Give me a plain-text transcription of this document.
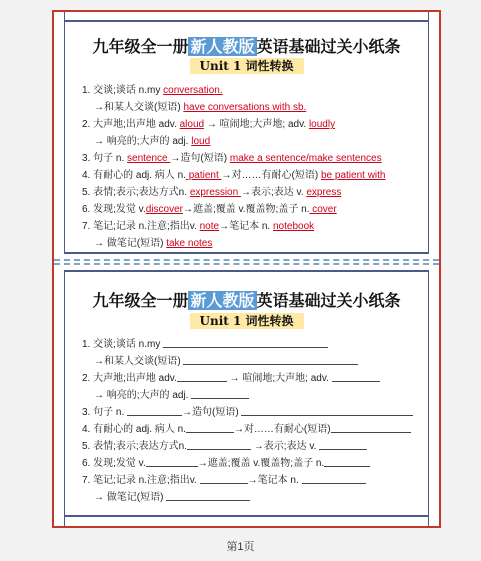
九年级全一册 新人教版 英语基础过关小纸条
Unit 1 词性转换
1. 交谈;谈话 n.my conversation.
→和某人交谈(短语) have conversations with sb.
2. 大声地;出声地 adv. aloud → 喧闹地;大声地; adv. loudly
→ 响亮的;大声的 adj. loud
3. 句子 n. sentence →造句(短语) make a sentence/make sentences
4. 有耐心的 adj. 病人 n. patient →对……有耐心(短语) be patient with
5. 表情;表示;表达方式n. expression →表示;表达 v. express
6. 发现;发觉 v.discover→遮盖;覆盖 v.覆盖物;盖子 n. cover
7. 笔记;记录 n.注意;指出v. note→笔记本 n. notebook
→ 做笔记(短语) take notes
九年级全一册 新人教版 英语基础过关小纸条
Unit 1 词性转换
1. 交谈;谈话 n.my
→和某人交谈(短语)
2. 大声地;出声地 adv.	→ 喧闹地;大声地; adv.
→ 响亮的;大声的 adj.
3. 句子 n.	→造句(短语)
4. 有耐心的 adj. 病人 n.	→对……有耐心(短语)
5. 表情;表示;表达方式n.	→表示;表达 v.
6. 发现;发觉 v.	→遮盖;覆盖 v.覆盖物;盖子 n.
7. 笔记;记录 n.注意;指出v.	→笔记本 n.
→ 做笔记(短语)
第1页
